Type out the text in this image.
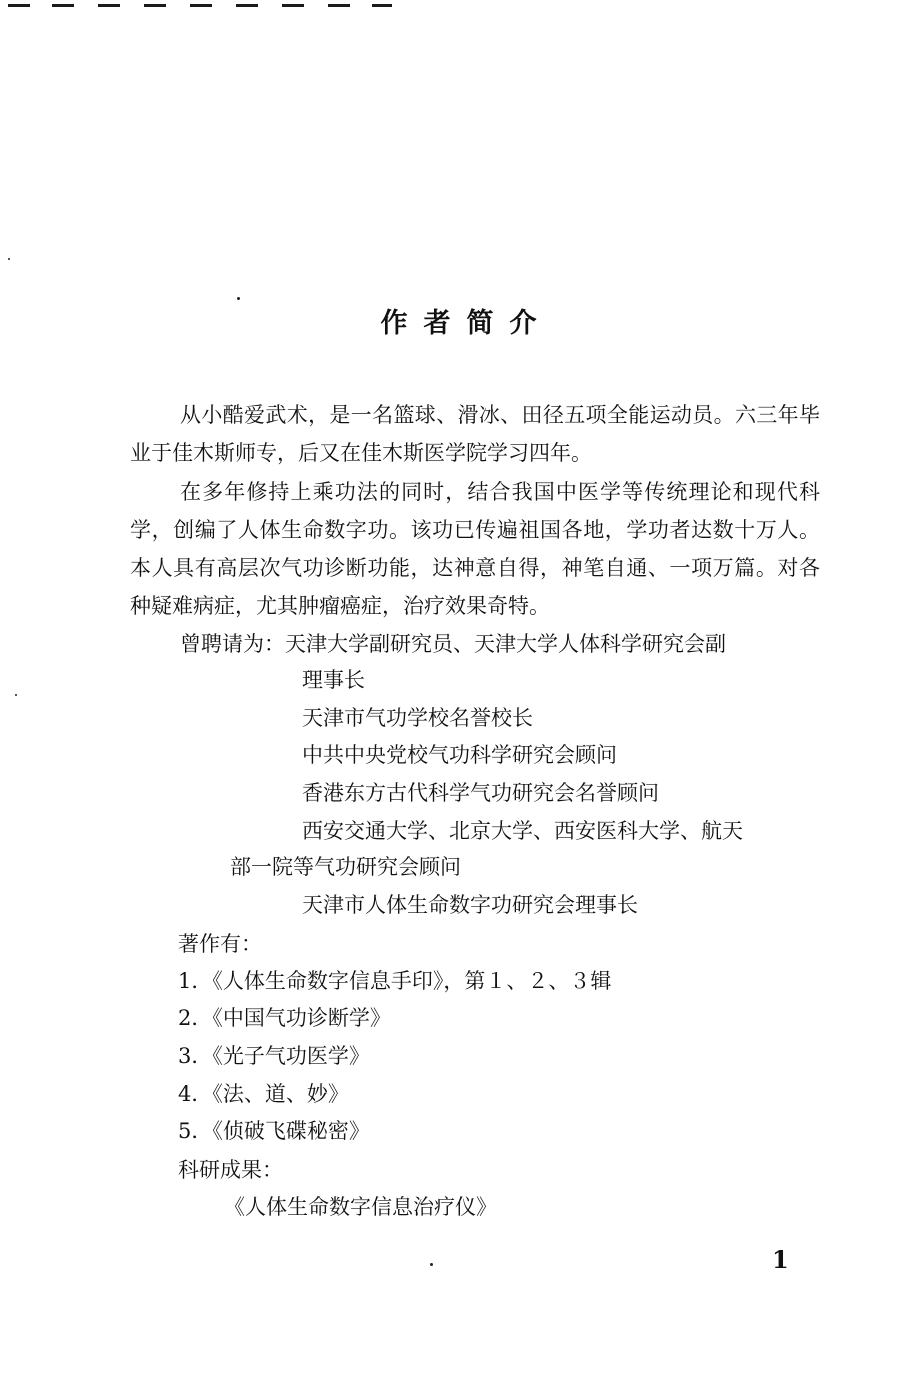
作者简介

从小酷爱武术，是一名篮球、滑冰、田径五项全能运动员。六三年毕业于佳木斯师专，后又在佳木斯医学院学习四年。

在多年修持上乘功法的同时，结合我国中医学等传统理论和现代科学，创编了人体生命数字功。该功已传遍祖国各地，学功者达数十万人。本人具有高层次气功诊断功能，达神意自得，神笔自通、一项万篇。对各种疑难病症，尤其肿瘤癌症，治疗效果奇特。

曾聘请为：天津大学副研究员、天津大学人体科学研究会副
理事长
天津市气功学校名誉校长
中共中央党校气功科学研究会顾问
香港东方古代科学气功研究会名誉顾问
西安交通大学、北京大学、西安医科大学、航天
部一院等气功研究会顾问
天津市人体生命数字功研究会理事长
著作有：
1．《人体生命数字信息手印》，第１、２、３辑
2．《中国气功诊断学》
3．《光子气功医学》
4．《法、道、妙》
5．《侦破飞碟秘密》
科研成果：
《人体生命数字信息治疗仪》
1
